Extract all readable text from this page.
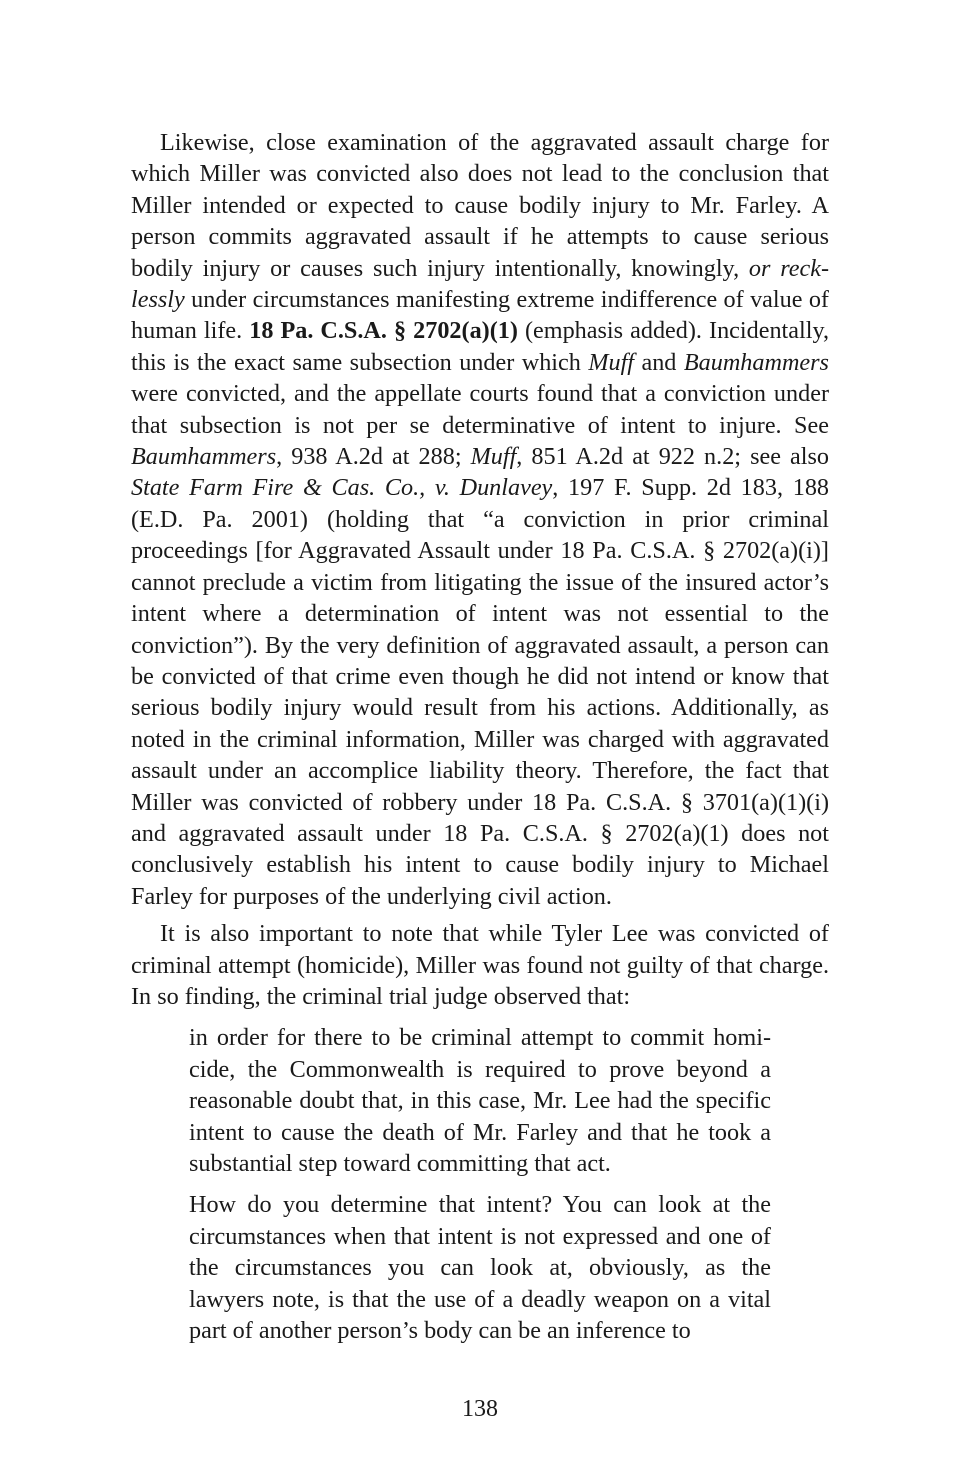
Likewise, close examination of the aggravated assault charge for which Miller was convicted also does not lead to the conclusion that Miller intended or expected to cause bodily injury to Mr. Farley. A person commits aggravated assault if he attempts to cause serious bodily injury or causes such injury intentionally, knowingly, or recklessly under circumstances manifesting extreme indifference of value of human life. 18 Pa. C.S.A. § 2702(a)(1) (emphasis added). Incidentally, this is the exact same subsection under which Muff and Baumhammers were convicted, and the appellate courts found that a conviction under that subsection is not per se determinative of intent to injure. See Baumhammers, 938 A.2d at 288; Muff, 851 A.2d at 922 n.2; see also State Farm Fire & Cas. Co., v. Dunlavey, 197 F. Supp. 2d 183, 188 (E.D. Pa. 2001) (holding that “a conviction in prior criminal proceedings [for Aggravated Assault under 18 Pa. C.S.A. § 2702(a)(i)] cannot preclude a victim from litigating the issue of the insured actor’s intent where a determination of intent was not essential to the conviction”). By the very definition of aggravated assault, a person can be convicted of that crime even though he did not intend or know that serious bodily injury would result from his actions. Additionally, as noted in the criminal information, Miller was charged with aggravated assault under an accomplice liability theory. Therefore, the fact that Miller was convicted of robbery under 18 Pa. C.S.A. § 3701(a)(1)(i) and aggravated assault under 18 Pa. C.S.A. § 2702(a)(1) does not conclusively establish his intent to cause bodily injury to Michael Farley for purposes of the underlying civil action.

It is also important to note that while Tyler Lee was convicted of criminal attempt (homicide), Miller was found not guilty of that charge. In so finding, the criminal trial judge observed that:

in order for there to be criminal attempt to commit homicide, the Commonwealth is required to prove beyond a reasonable doubt that, in this case, Mr. Lee had the specific intent to cause the death of Mr. Farley and that he took a substantial step toward committing that act.

How do you determine that intent? You can look at the circumstances when that intent is not expressed and one of the circumstances you can look at, obviously, as the lawyers note, is that the use of a deadly weapon on a vital part of another person’s body can be an inference to

138
